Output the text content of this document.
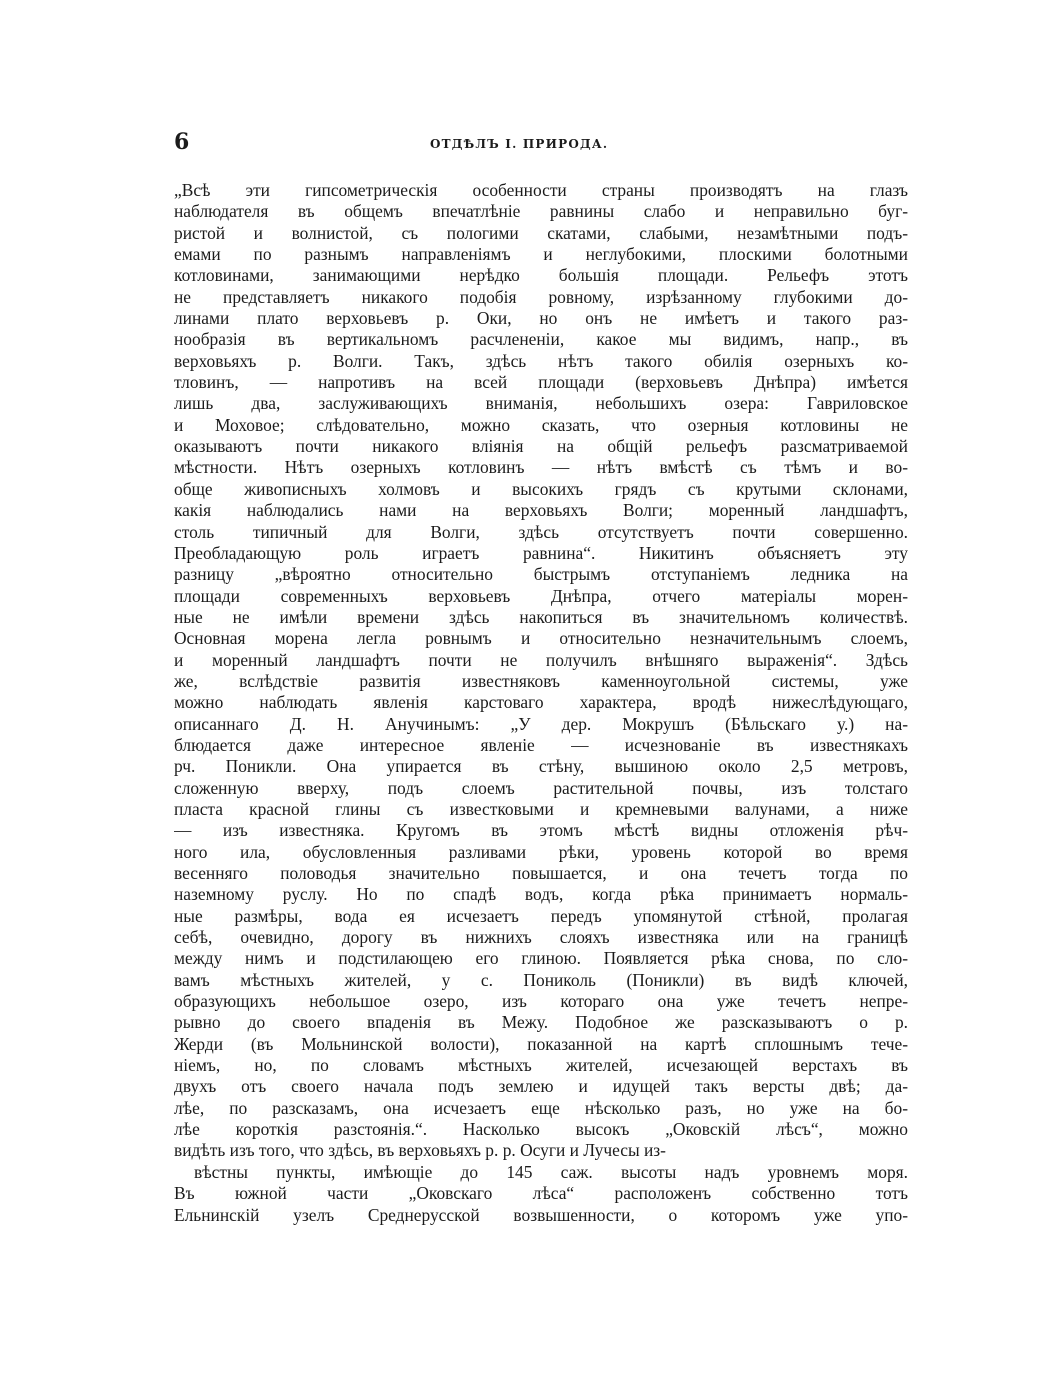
6	ОТДѢЛЪ I. ПРИРОДА.
„Всѣ эти гипсометрическія особенности страны производятъ на глазъ
наблюдателя въ общемъ впечатлѣніе равнины слабо и неправильно буг-
ристой и волнистой, съ пологими скатами, слабыми, незамѣтными подъ-
емами по разнымъ направленіямъ и неглубокими, плоскими болотными
котловинами, занимающими нерѣдко большія площади. Рельефъ этотъ
не представляетъ никакого подобія ровному, изрѣзанному глубокими до-
линами плато верховьевъ р. Оки, но онъ не имѣетъ и такого раз-
нообразія въ вертикальномъ расчлененіи, какое мы видимъ, напр., въ
верховьяхъ р. Волги. Такъ, здѣсь нѣтъ такого обилія озерныхъ ко-
тловинъ, — напротивъ на всей площади (верховьевъ Днѣпра) имѣется
лишь два, заслуживающихъ вниманія, небольшихъ озера: Гавриловское
и Моховое; слѣдовательно, можно сказать, что озерныя котловины не
оказываютъ почти никакого вліянія на общій рельефъ разсматриваемой
мѣстности. Нѣтъ озерныхъ котловинъ — нѣтъ вмѣстѣ съ тѣмъ и во-
обще живописныхъ холмовъ и высокихъ грядъ съ крутыми склонами,
какія наблюдались нами на верховьяхъ Волги; моренный ландшафтъ,
столь типичный для Волги, здѣсь отсутствуетъ почти совершенно.
Преобладающую роль играетъ равнина“. Никитинъ объясняетъ эту
разницу „вѣроятно относительно быстрымъ отступаніемъ ледника на
площади современныхъ верховьевъ Днѣпра, отчего матеріалы морен-
ные не имѣли времени здѣсь накопиться въ значительномъ количествѣ.
Основная морена легла ровнымъ и относительно незначительнымъ слоемъ,
и моренный ландшафтъ почти не получилъ внѣшняго выраженія“. Здѣсь
же, вслѣдствіе развитія известняковъ каменноугольной системы, уже
можно наблюдать явленія карстоваго характера, вродѣ нижеслѣдующаго,
описаннаго Д. Н. Анучинымъ: „У дер. Мокрушъ (Бѣльскаго у.) на-
блюдается даже интересное явленіе — исчезнованіе въ известнякахъ
рч. Поникли. Она упирается въ стѣну, вышиною около 2,5 метровъ,
сложенную вверху, подъ слоемъ растительной почвы, изъ толстаго
пласта красной глины съ известковыми и кремневыми валунами, а ниже
— изъ известняка. Кругомъ въ этомъ мѣстѣ видны отложенія рѣч-
ного ила, обусловленныя разливами рѣки, уровень которой во время
весенняго половодья значительно повышается, и она течетъ тогда по
наземному руслу. Но по спадѣ водъ, когда рѣка принимаетъ нормаль-
ные размѣры, вода ея исчезаетъ передъ упомянутой стѣной, пролагая
себѣ, очевидно, дорогу въ нижнихъ слояхъ известняка или на границѣ
между нимъ и подстилающею его глиною. Появляется рѣка снова, по сло-
вамъ мѣстныхъ жителей, у с. Пониколь (Поникли) въ видѣ ключей,
образующихъ небольшое озеро, изъ котораго она уже течетъ непре-
рывно до своего впаденія въ Межу. Подобное же разсказываютъ о р.
Жерди (въ Мольнинской волости), показанной на картѣ сплошнымъ тече-
ніемъ, но, по словамъ мѣстныхъ жителей, исчезающей верстахъ въ
двухъ отъ своего начала подъ землею и идущей такъ версты двѣ; да-
лѣе, по разсказамъ, она исчезаетъ еще нѣсколько разъ, но уже на бо-
лѣе короткія разстоянія.“. Насколько высокъ „Оковскій лѣсъ“, можно
видѣть изъ того, что здѣсь, въ верховьяхъ р. р. Осуги и Лучесы из-
вѣстны пункты, имѣющіе до 145 саж. высоты надъ уровнемъ моря.
Въ южной части „Оковскаго лѣса“ расположенъ собственно тотъ
Ельнинскій узелъ Среднерусской возвышенности, о которомъ уже упо-
